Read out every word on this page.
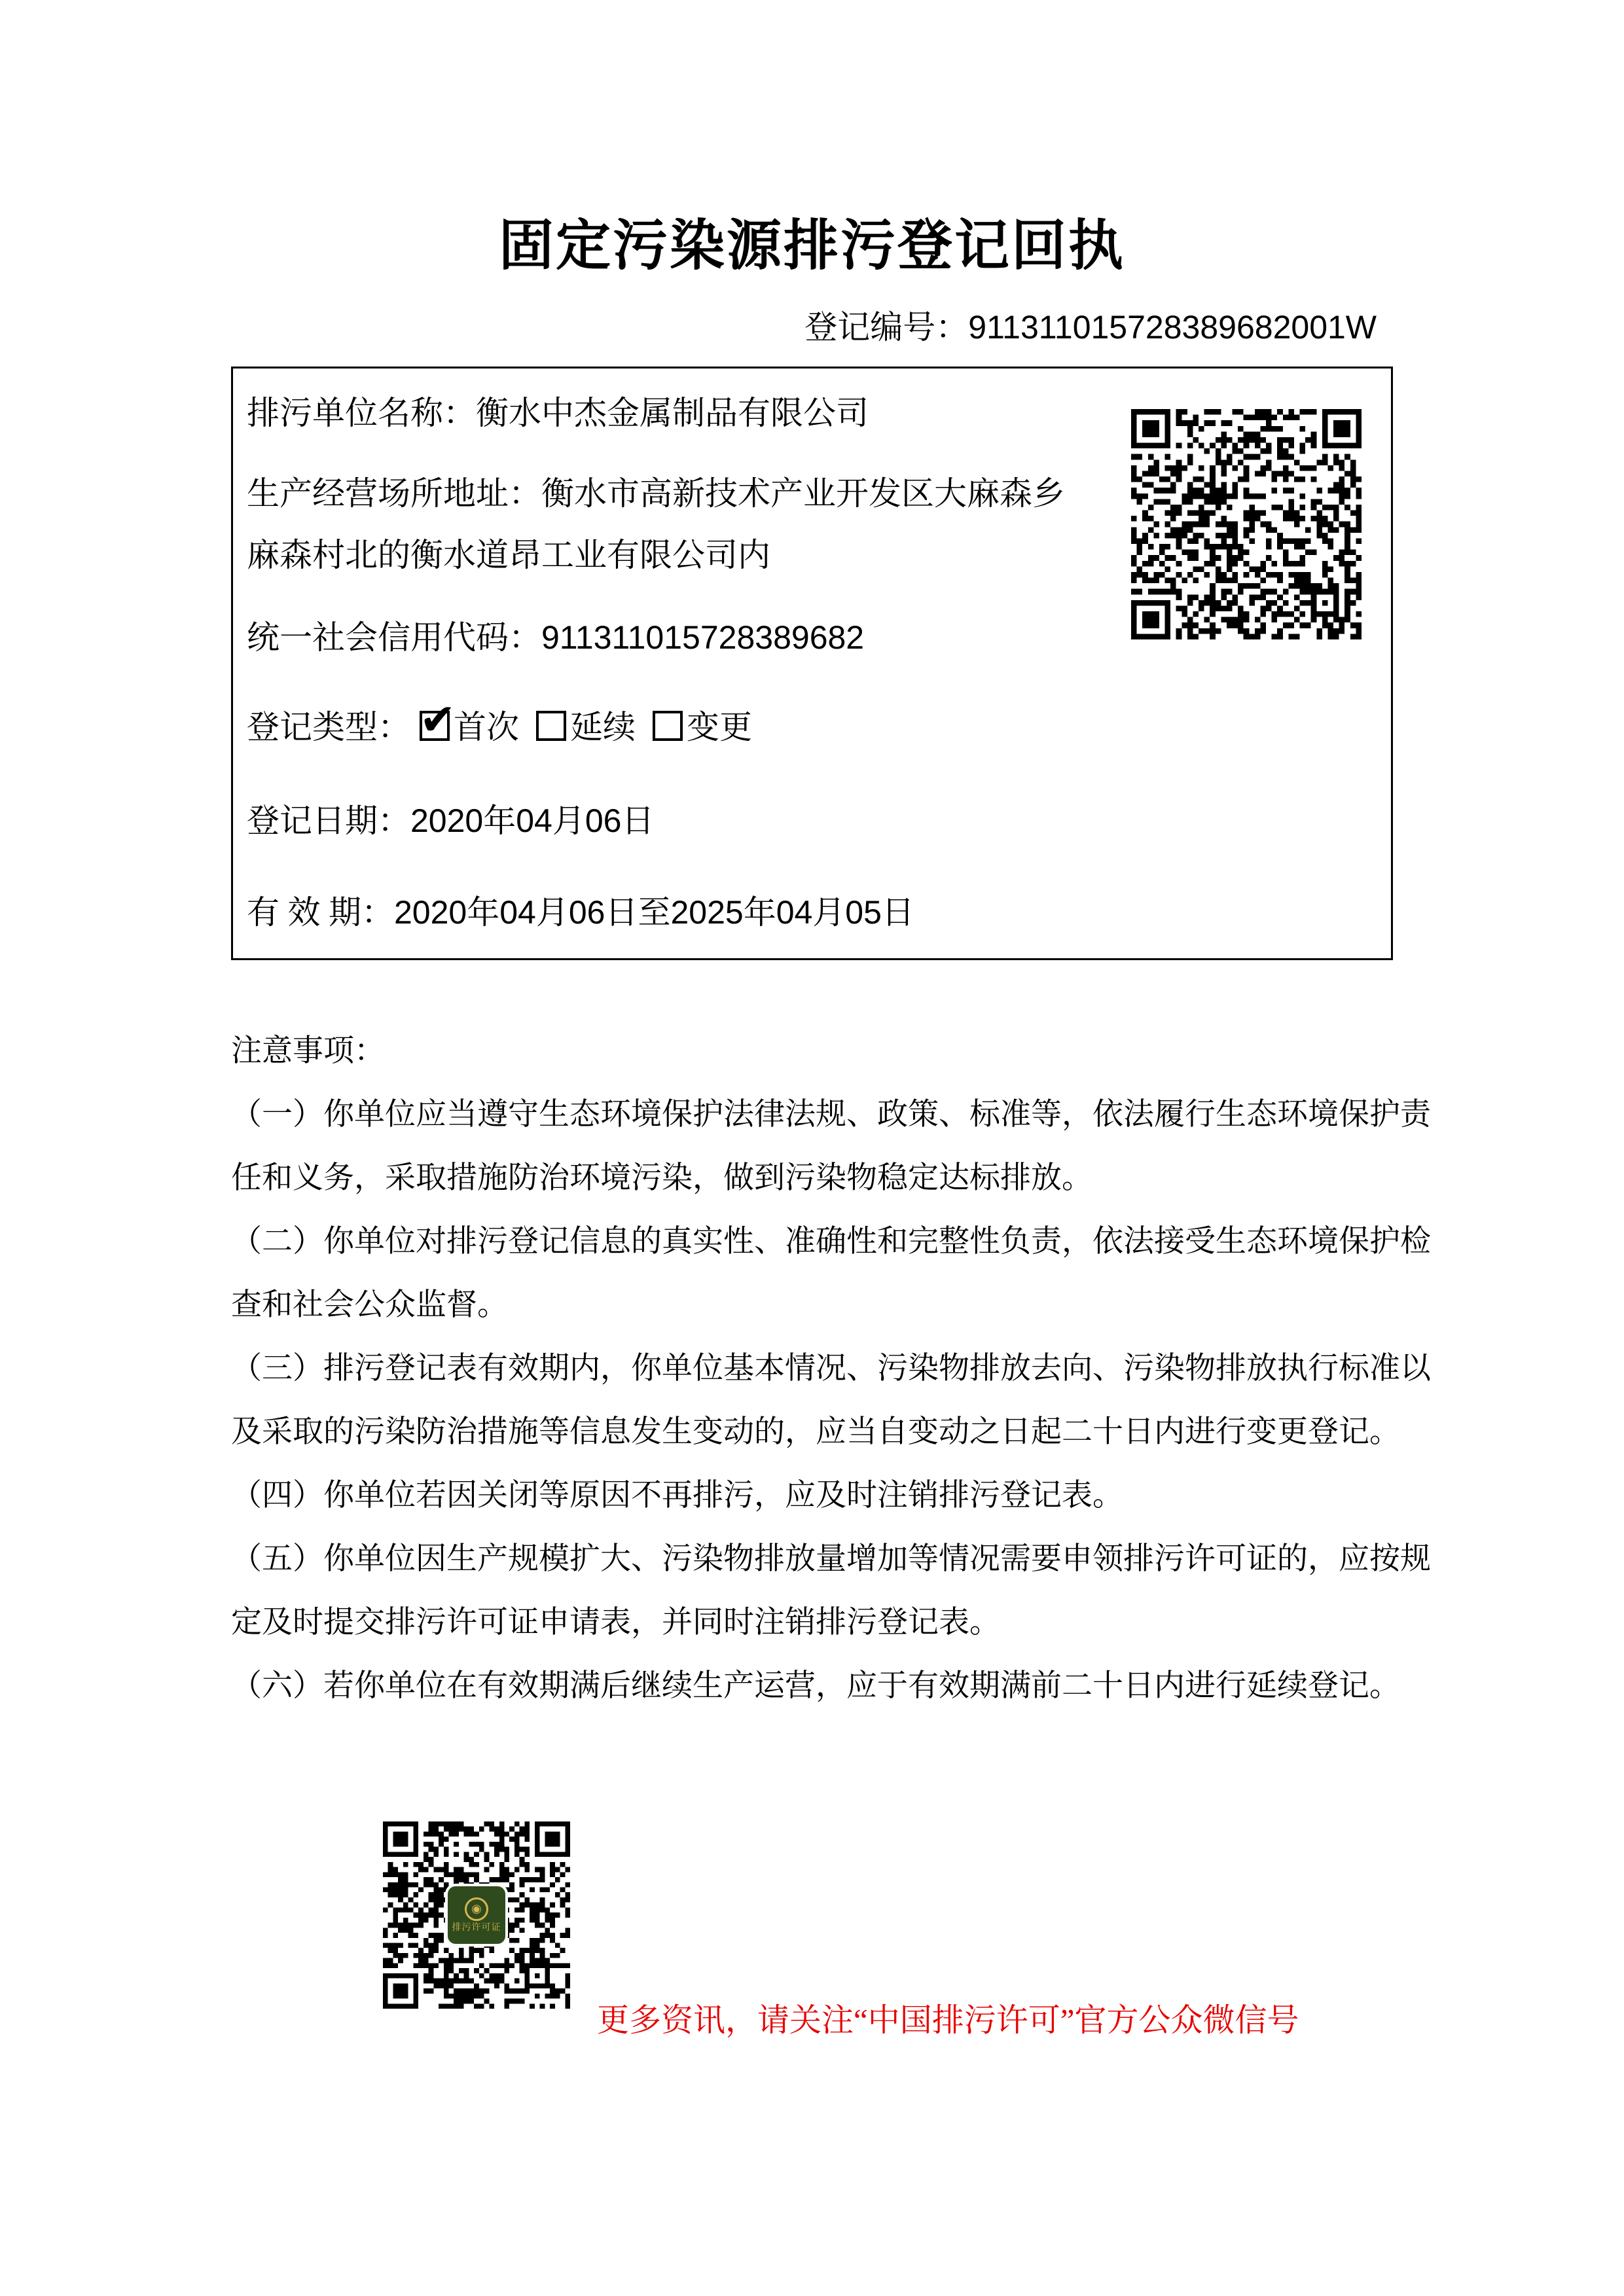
固定污染源排污登记回执
登记编号：911311015728389682001W
排污单位名称：衡水中杰金属制品有限公司
生产经营场所地址：衡水市高新技术产业开发区大麻森乡
麻森村北的衡水道昂工业有限公司内
统一社会信用代码：911311015728389682
登记类型： ✔
首次 延续 变更
登记日期：2020年04月06日
有 效 期：2020年04月06日至2025年04月05日
注意事项：
（一）你单位应当遵守生态环境保护法律法规、政策、标准等，依法履行生态环境保护责
任和义务，采取措施防治环境污染，做到污染物稳定达标排放。
（二）你单位对排污登记信息的真实性、准确性和完整性负责，依法接受生态环境保护检
查和社会公众监督。
（三）排污登记表有效期内，你单位基本情况、污染物排放去向、污染物排放执行标准以
及采取的污染防治措施等信息发生变动的，应当自变动之日起二十日内进行变更登记。
（四）你单位若因关闭等原因不再排污，应及时注销排污登记表。
（五）你单位因生产规模扩大、污染物排放量增加等情况需要申领排污许可证的，应按规
定及时提交排污许可证申请表，并同时注销排污登记表。
（六）若你单位在有效期满后继续生产运营，应于有效期满前二十日内进行延续登记。
◉
排污许可证
更多资讯，请关注“中国排污许可”官方公众微信号
